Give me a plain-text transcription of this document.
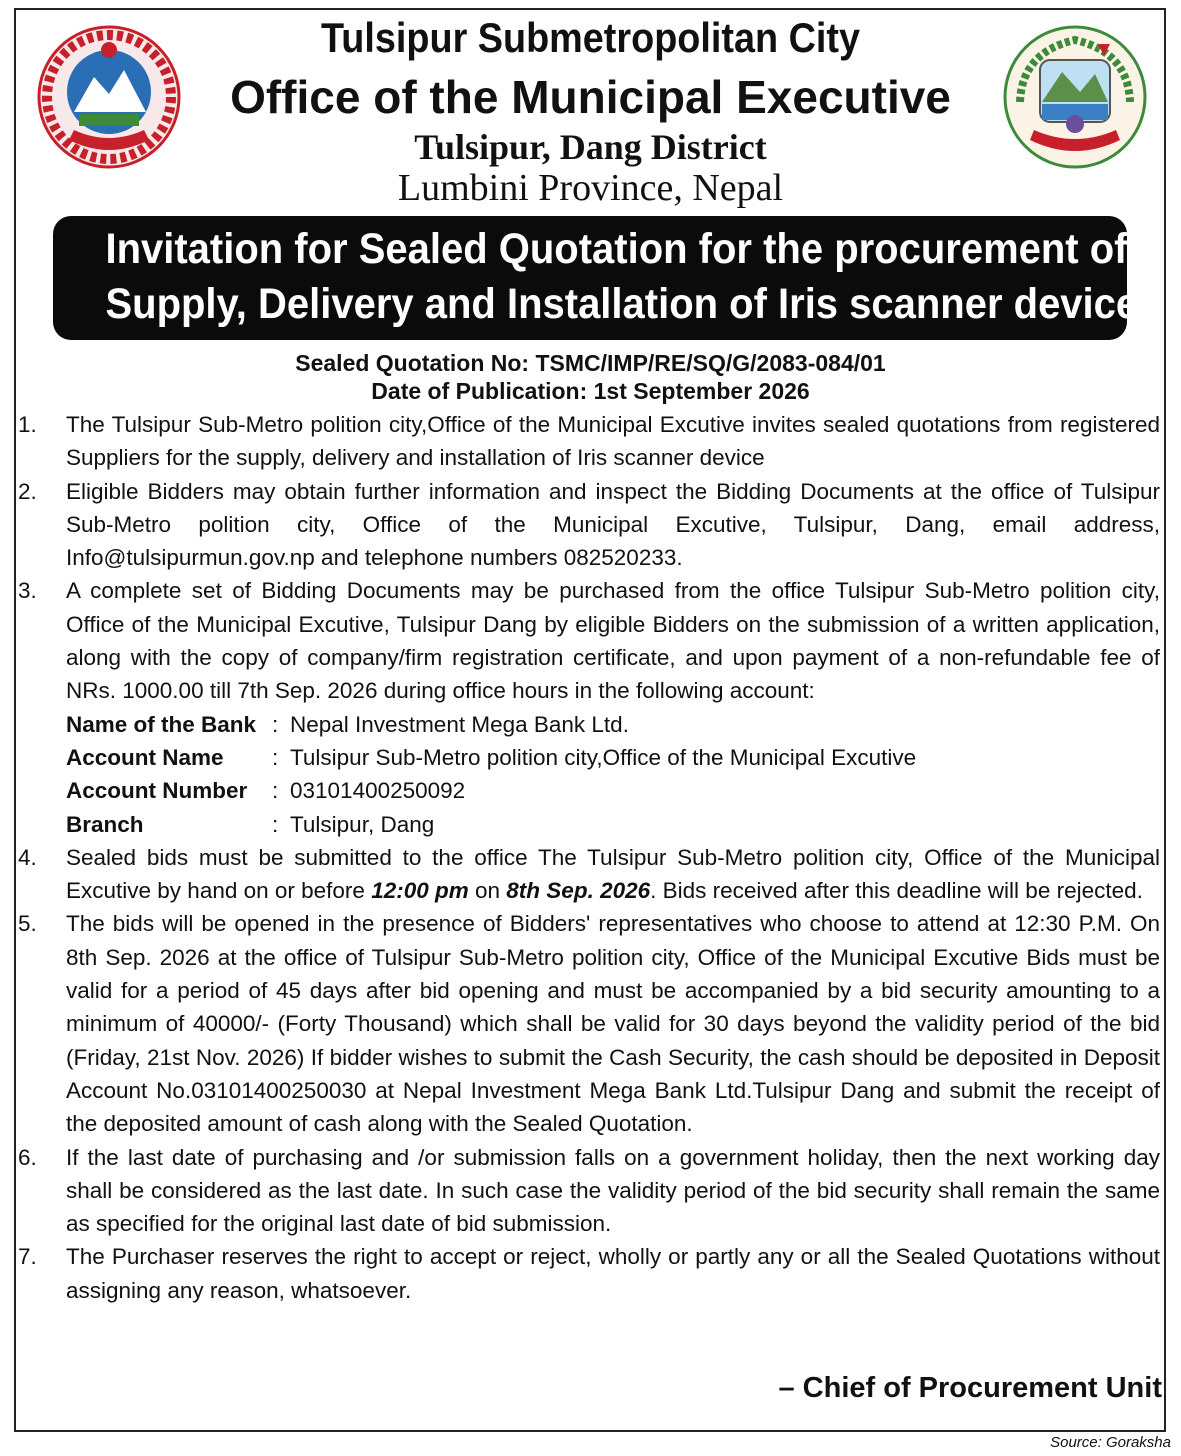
Tulsipur Submetropolitan City
Office of the Municipal Executive
Tulsipur, Dang District
Lumbini Province, Nepal
Invitation for Sealed Quotation for the procurement of
Supply, Delivery and Installation of Iris scanner device
Sealed Quotation No: TSMC/IMP/RE/SQ/G/2083-084/01
Date of Publication: 1st September 2026
1. The Tulsipur Sub-Metro polition city,Office of the Municipal Excutive invites sealed quotations from registered Suppliers for the supply, delivery and installation of Iris scanner device
2. Eligible Bidders may obtain further information and inspect the Bidding Documents at the office of Tulsipur Sub-Metro polition city, Office of the Municipal Excutive, Tulsipur, Dang, email address, Info@tulsipurmun.gov.np and telephone numbers 082520233.
3. A complete set of Bidding Documents may be purchased from the office Tulsipur Sub-Metro polition city, Office of the Municipal Excutive, Tulsipur Dang by eligible Bidders on the submission of a written application, along with the copy of company/firm registration certificate, and upon payment of a non-refundable fee of NRs. 1000.00 till 7th Sep. 2026 during office hours in the following account:
Name of the Bank : Nepal Investment Mega Bank Ltd.
Account Name	: Tulsipur Sub-Metro polition city,Office of the Municipal Excutive
Account Number	: 03101400250092
Branch	: Tulsipur, Dang
4. Sealed bids must be submitted to the office The Tulsipur Sub-Metro polition city, Office of the Municipal Excutive by hand on or before 12:00 pm on 8th Sep. 2026. Bids received after this deadline will be rejected.
5. The bids will be opened in the presence of Bidders' representatives who choose to attend at 12:30 P.M. On 8th Sep. 2026 at the office of Tulsipur Sub-Metro polition city, Office of the Municipal Excutive Bids must be valid for a period of 45 days after bid opening and must be accompanied by a bid security amounting to a minimum of 40000/- (Forty Thousand) which shall be valid for 30 days beyond the validity period of the bid (Friday, 21st Nov. 2026) If bidder wishes to submit the Cash Security, the cash should be deposited in Deposit Account No.03101400250030 at Nepal Investment Mega Bank Ltd.Tulsipur Dang and submit the receipt of the deposited amount of cash along with the Sealed Quotation.
6. If the last date of purchasing and /or submission falls on a government holiday, then the next working day shall be considered as the last date. In such case the validity period of the bid security shall remain the same as specified for the original last date of bid submission.
7. The Purchaser reserves the right to accept or reject, wholly or partly any or all the Sealed Quotations without assigning any reason, whatsoever.
– Chief of Procurement Unit
Source: Goraksha
